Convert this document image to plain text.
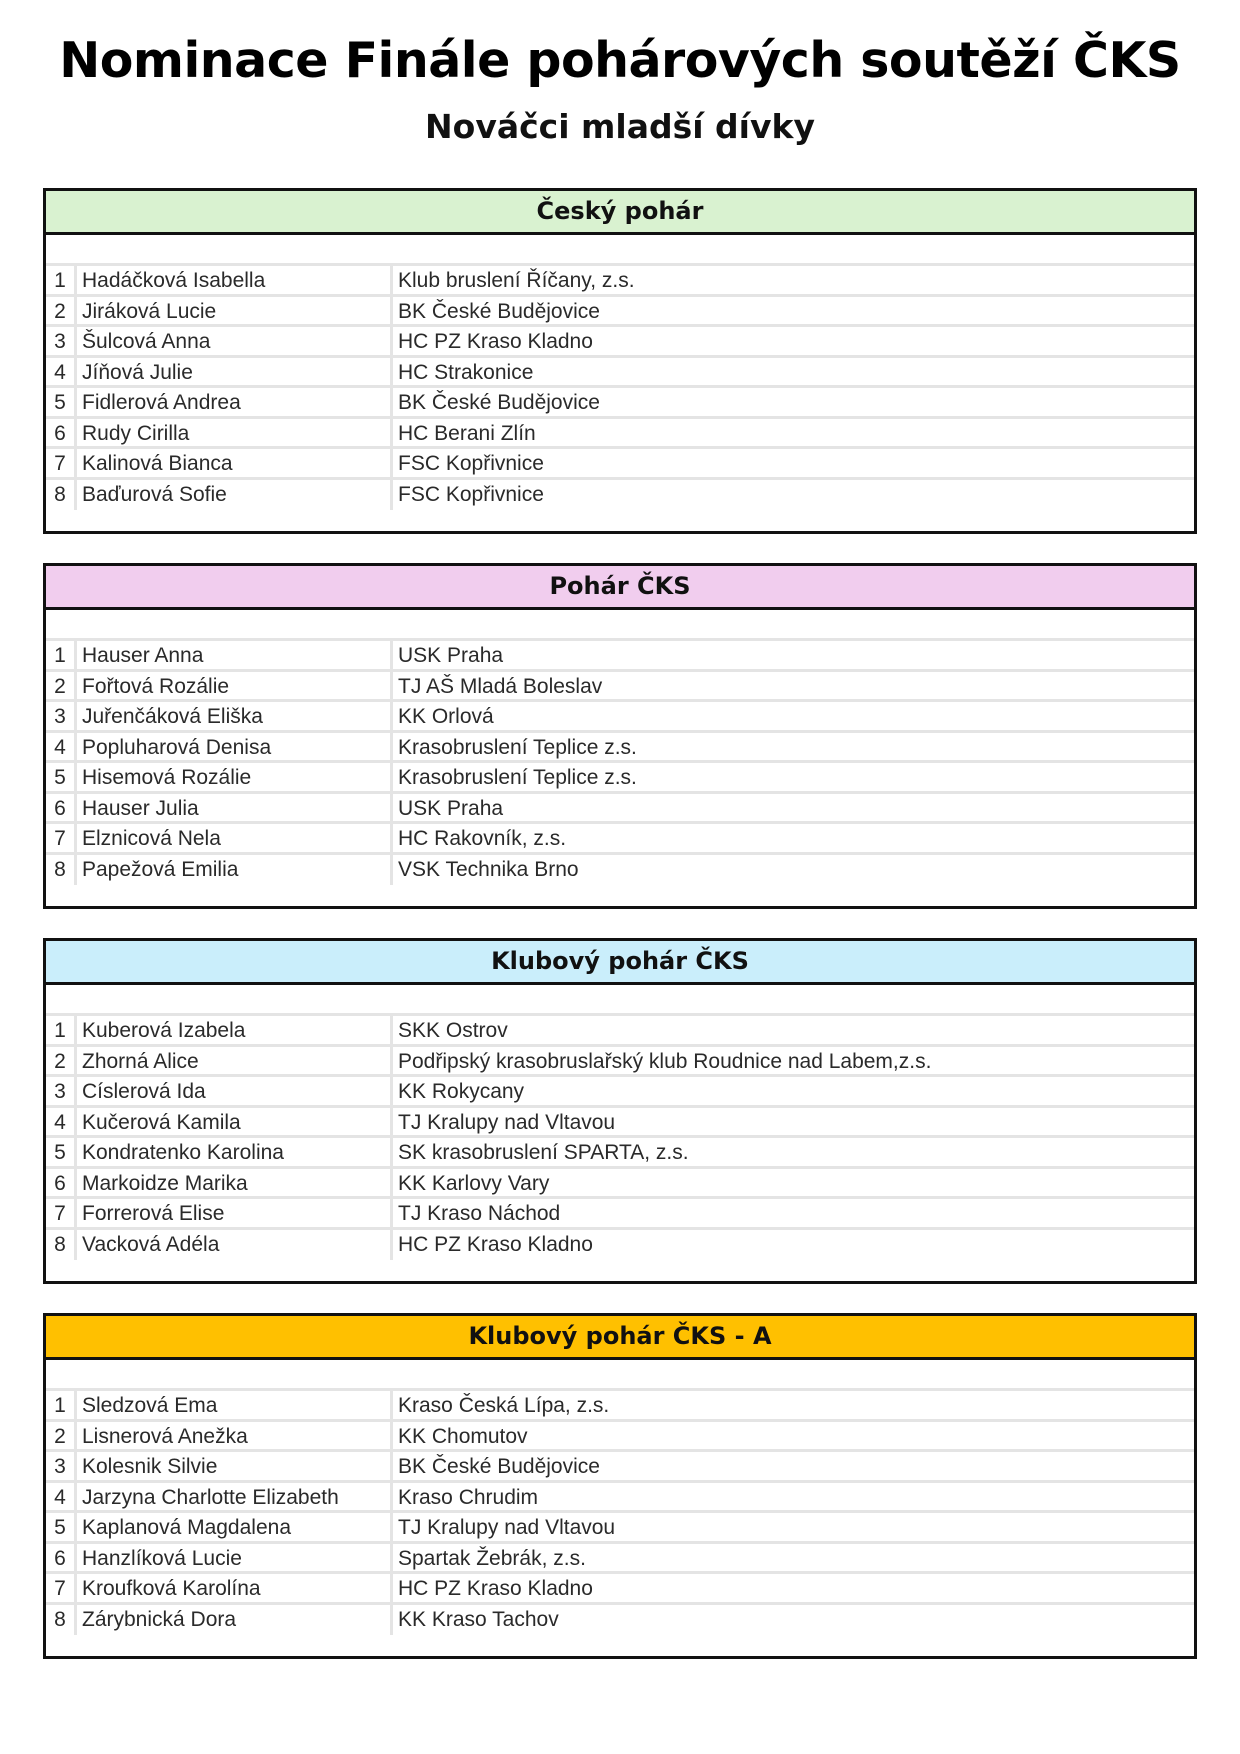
Nominace Finále pohárových soutěží ČKS
Nováčci mladší dívky
Český pohár
1 Hadáčková Isabella	Klub bruslení Říčany, z.s.
2 Jiráková Lucie	BK České Budějovice
3 Šulcová Anna	HC PZ Kraso Kladno
4 Jíňová Julie	HC Strakonice
5 Fidlerová Andrea	BK České Budějovice
6 Rudy Cirilla	HC Berani Zlín
7 Kalinová Bianca	FSC Kopřivnice
8 Baďurová Sofie	FSC Kopřivnice
Pohár ČKS
1 Hauser Anna	USK Praha
2 Fořtová Rozálie	TJ AŠ Mladá Boleslav
3 Juřenčáková Eliška	KK Orlová
4 Popluharová Denisa	Krasobruslení Teplice z.s.
5 Hisemová Rozálie	Krasobruslení Teplice z.s.
6 Hauser Julia	USK Praha
7 Elznicová Nela	HC Rakovník, z.s.
8 Papežová Emilia	VSK Technika Brno
Klubový pohár ČKS
1 Kuberová Izabela	SKK Ostrov
2 Zhorná Alice	Podřipský krasobruslařský klub Roudnice nad Labem,z.s.
3 Císlerová Ida	KK Rokycany
4 Kučerová Kamila	TJ Kralupy nad Vltavou
5 Kondratenko Karolina	SK krasobruslení SPARTA, z.s.
6 Markoidze Marika	KK Karlovy Vary
7 Forrerová Elise	TJ Kraso Náchod
8 Vacková Adéla	HC PZ Kraso Kladno
Klubový pohár ČKS - A
1 Sledzová Ema	Kraso Česká Lípa, z.s.
2 Lisnerová Anežka	KK Chomutov
3 Kolesnik Silvie	BK České Budějovice
4 Jarzyna Charlotte Elizabeth	Kraso Chrudim
5 Kaplanová Magdalena	TJ Kralupy nad Vltavou
6 Hanzlíková Lucie	Spartak Žebrák, z.s.
7 Kroufková Karolína	HC PZ Kraso Kladno
8 Zárybnická Dora	KK Kraso Tachov
